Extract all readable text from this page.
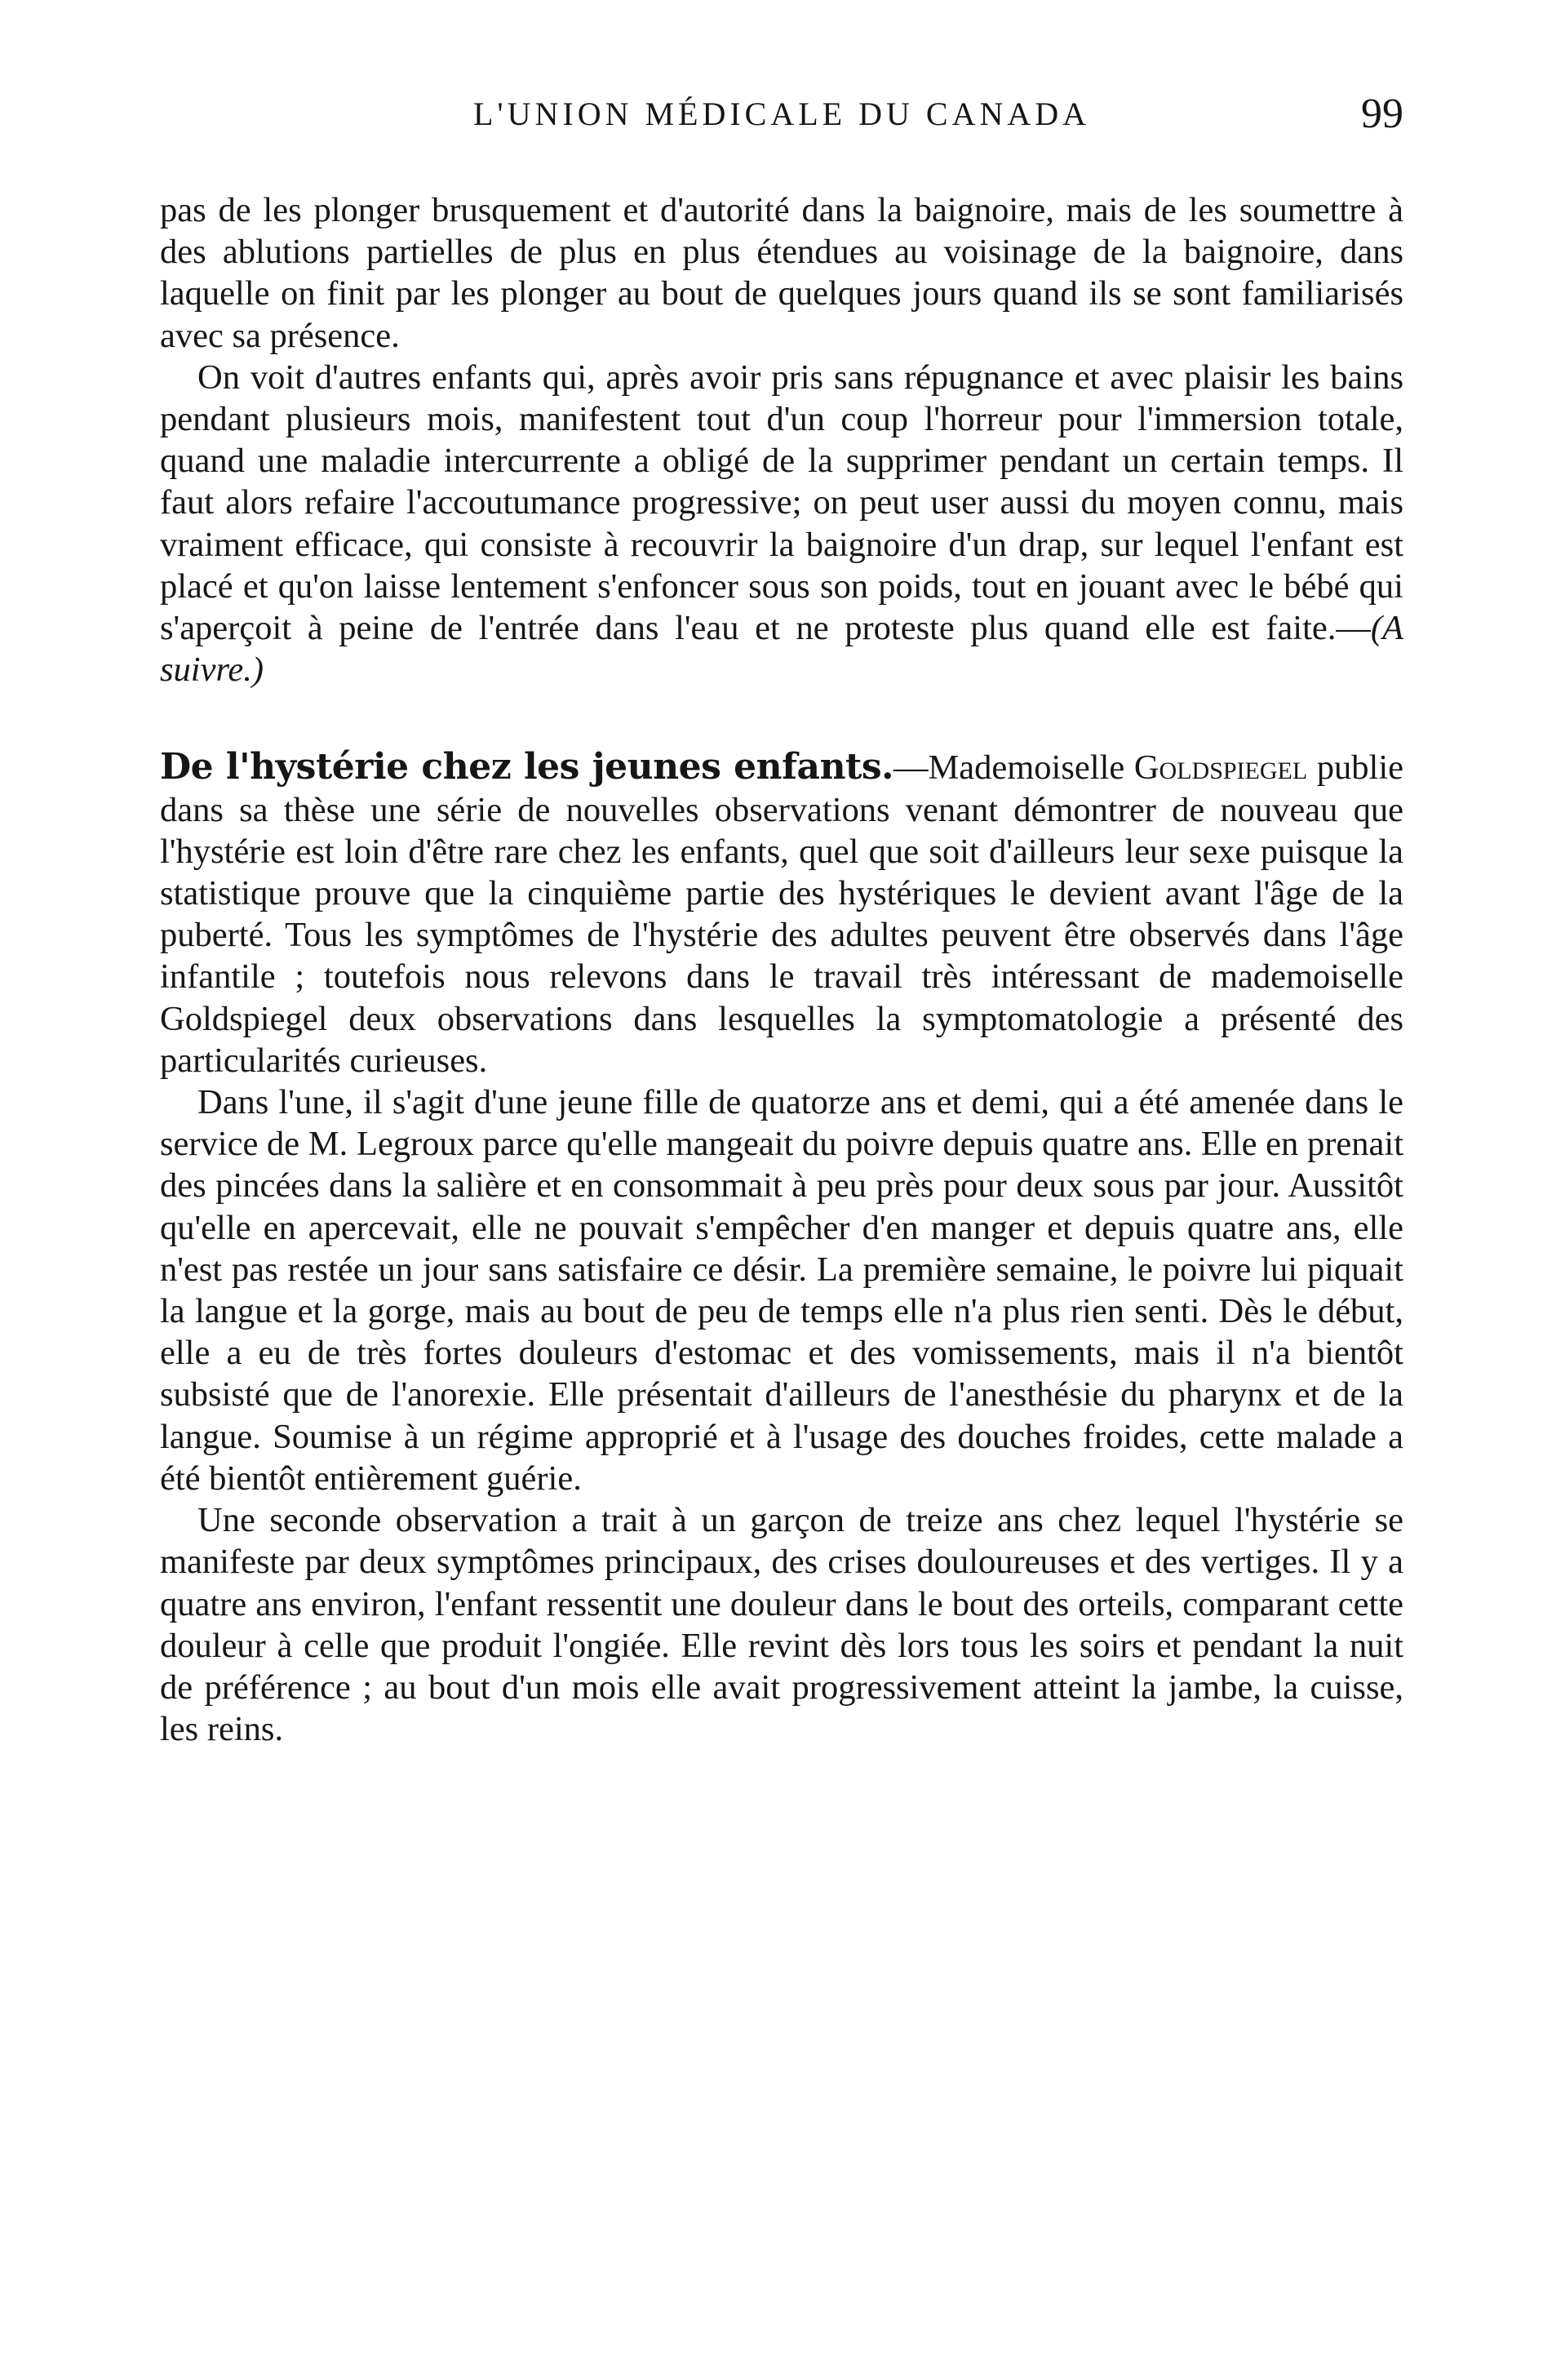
L'UNION MÉDICALE DU CANADA	99

pas de les plonger brusquement et d'autorité dans la baignoire, mais de les soumettre à des ablutions partielles de plus en plus étendues au voisinage de la baignoire, dans laquelle on finit par les plonger au bout de quelques jours quand ils se sont familiarisés avec sa présence.

On voit d'autres enfants qui, après avoir pris sans répugnance et avec plaisir les bains pendant plusieurs mois, manifestent tout d'un coup l'horreur pour l'immersion totale, quand une maladie intercurrente a obligé de la supprimer pendant un certain temps. Il faut alors refaire l'accoutumance progressive; on peut user aussi du moyen connu, mais vraiment efficace, qui consiste à recouvrir la baignoire d'un drap, sur lequel l'enfant est placé et qu'on laisse lentement s'enfoncer sous son poids, tout en jouant avec le bébé qui s'aperçoit à peine de l'entrée dans l'eau et ne proteste plus quand elle est faite.—(A suivre.)

De l'hystérie chez les jeunes enfants.—Mademoiselle Goldspiegel publie dans sa thèse une série de nouvelles observations venant démontrer de nouveau que l'hystérie est loin d'être rare chez les enfants, quel que soit d'ailleurs leur sexe puisque la statistique prouve que la cinquième partie des hystériques le devient avant l'âge de la puberté. Tous les symptômes de l'hystérie des adultes peuvent être observés dans l'âge infantile ; toutefois nous relevons dans le travail très intéressant de mademoiselle Goldspiegel deux observations dans lesquelles la symptomatologie a présenté des particularités curieuses.

Dans l'une, il s'agit d'une jeune fille de quatorze ans et demi, qui a été amenée dans le service de M. Legroux parce qu'elle mangeait du poivre depuis quatre ans. Elle en prenait des pincées dans la salière et en consommait à peu près pour deux sous par jour. Aussitôt qu'elle en apercevait, elle ne pouvait s'empêcher d'en manger et depuis quatre ans, elle n'est pas restée un jour sans satisfaire ce désir. La première semaine, le poivre lui piquait la langue et la gorge, mais au bout de peu de temps elle n'a plus rien senti. Dès le début, elle a eu de très fortes douleurs d'estomac et des vomissements, mais il n'a bientôt subsisté que de l'anorexie. Elle présentait d'ailleurs de l'anesthésie du pharynx et de la langue. Soumise à un régime approprié et à l'usage des douches froides, cette malade a été bientôt entièrement guérie.

Une seconde observation a trait à un garçon de treize ans chez lequel l'hystérie se manifeste par deux symptômes principaux, des crises douloureuses et des vertiges. Il y a quatre ans environ, l'enfant ressentit une douleur dans le bout des orteils, comparant cette douleur à celle que produit l'ongiée. Elle revint dès lors tous les soirs et pendant la nuit de préférence ; au bout d'un mois elle avait progressivement atteint la jambe, la cuisse, les reins.
